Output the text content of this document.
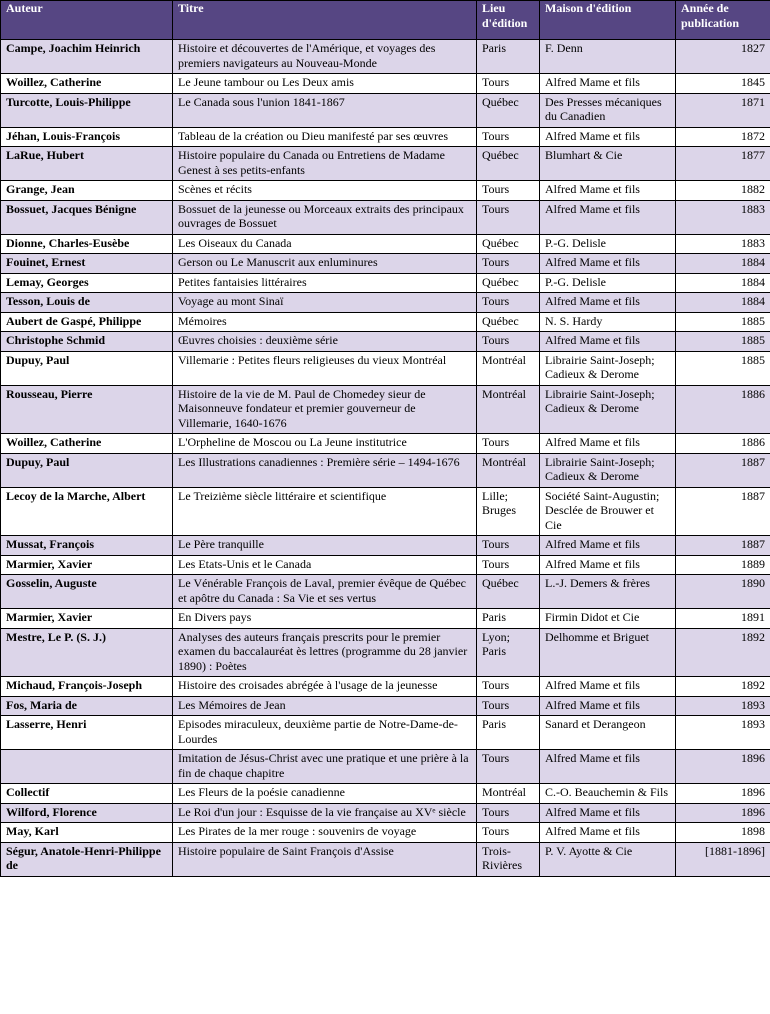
Auteur	Titre	Lieu d'édition	Maison d'édition	Année de publication
Campe, Joachim Heinrich	Histoire et découvertes de l'Amérique, et voyages des premiers navigateurs au Nouveau-Monde	Paris	F. Denn	1827
Woillez, Catherine	Le Jeune tambour ou Les Deux amis	Tours	Alfred Mame et fils	1845
Turcotte, Louis-Philippe	Le Canada sous l'union 1841-1867	Québec	Des Presses mécaniques du Canadien	1871
Jéhan, Louis-François	Tableau de la création ou Dieu manifesté par ses œuvres	Tours	Alfred Mame et fils	1872
LaRue, Hubert	Histoire populaire du Canada ou Entretiens de Madame Genest à ses petits-enfants	Québec	Blumhart & Cie	1877
Grange, Jean	Scènes et récits	Tours	Alfred Mame et fils	1882
Bossuet, Jacques Bénigne	Bossuet de la jeunesse ou Morceaux extraits des principaux ouvrages de Bossuet	Tours	Alfred Mame et fils	1883
Dionne, Charles-Eusèbe	Les Oiseaux du Canada	Québec	P.-G. Delisle	1883
Fouinet, Ernest	Gerson ou Le Manuscrit aux enluminures	Tours	Alfred Mame et fils	1884
Lemay, Georges	Petites fantaisies littéraires	Québec	P.-G. Delisle	1884
Tesson, Louis de	Voyage au mont Sinaï	Tours	Alfred Mame et fils	1884
Aubert de Gaspé, Philippe	Mémoires	Québec	N. S. Hardy	1885
Christophe Schmid	Œuvres choisies : deuxième série	Tours	Alfred Mame et fils	1885
Dupuy, Paul	Villemarie : Petites fleurs religieuses du vieux Montréal	Montréal	Librairie Saint-Joseph; Cadieux & Derome	1885
Rousseau, Pierre	Histoire de la vie de M. Paul de Chomedey sieur de Maisonneuve fondateur et premier gouverneur de Villemarie, 1640-1676	Montréal	Librairie Saint-Joseph; Cadieux & Derome	1886
Woillez, Catherine	L'Orpheline de Moscou ou La Jeune institutrice	Tours	Alfred Mame et fils	1886
Dupuy, Paul	Les Illustrations canadiennes : Première série – 1494-1676	Montréal	Librairie Saint-Joseph; Cadieux & Derome	1887
Lecoy de la Marche, Albert	Le Treizième siècle littéraire et scientifique	Lille; Bruges	Société Saint-Augustin; Desclée de Brouwer et Cie	1887
Mussat, François	Le Père tranquille	Tours	Alfred Mame et fils	1887
Marmier, Xavier	Les Etats-Unis et le Canada	Tours	Alfred Mame et fils	1889
Gosselin, Auguste	Le Vénérable François de Laval, premier évêque de Québec et apôtre du Canada : Sa Vie et ses vertus	Québec	L.-J. Demers & frères	1890
Marmier, Xavier	En Divers pays	Paris	Firmin Didot et Cie	1891
Mestre, Le P. (S. J.)	Analyses des auteurs français prescrits pour le premier examen du baccalauréat ès lettres (programme du 28 janvier 1890) : Poètes	Lyon; Paris	Delhomme et Briguet	1892
Michaud, François-Joseph	Histoire des croisades abrégée à l'usage de la jeunesse	Tours	Alfred Mame et fils	1892
Fos, Maria de	Les Mémoires de Jean	Tours	Alfred Mame et fils	1893
Lasserre, Henri	Episodes miraculeux, deuxième partie de Notre-Dame-de-Lourdes	Paris	Sanard et Derangeon	1893
	Imitation de Jésus-Christ avec une pratique et une prière à la fin de chaque chapitre	Tours	Alfred Mame et fils	1896
Collectif	Les Fleurs de la poésie canadienne	Montréal	C.-O. Beauchemin & Fils	1896
Wilford, Florence	Le Roi d'un jour : Esquisse de la vie française au XVᵉ siècle	Tours	Alfred Mame et fils	1896
May, Karl	Les Pirates de la mer rouge : souvenirs de voyage	Tours	Alfred Mame et fils	1898
Ségur, Anatole-Henri-Philippe de	Histoire populaire de Saint François d'Assise	Trois-Rivières	P. V. Ayotte & Cie	[1881-1896]
